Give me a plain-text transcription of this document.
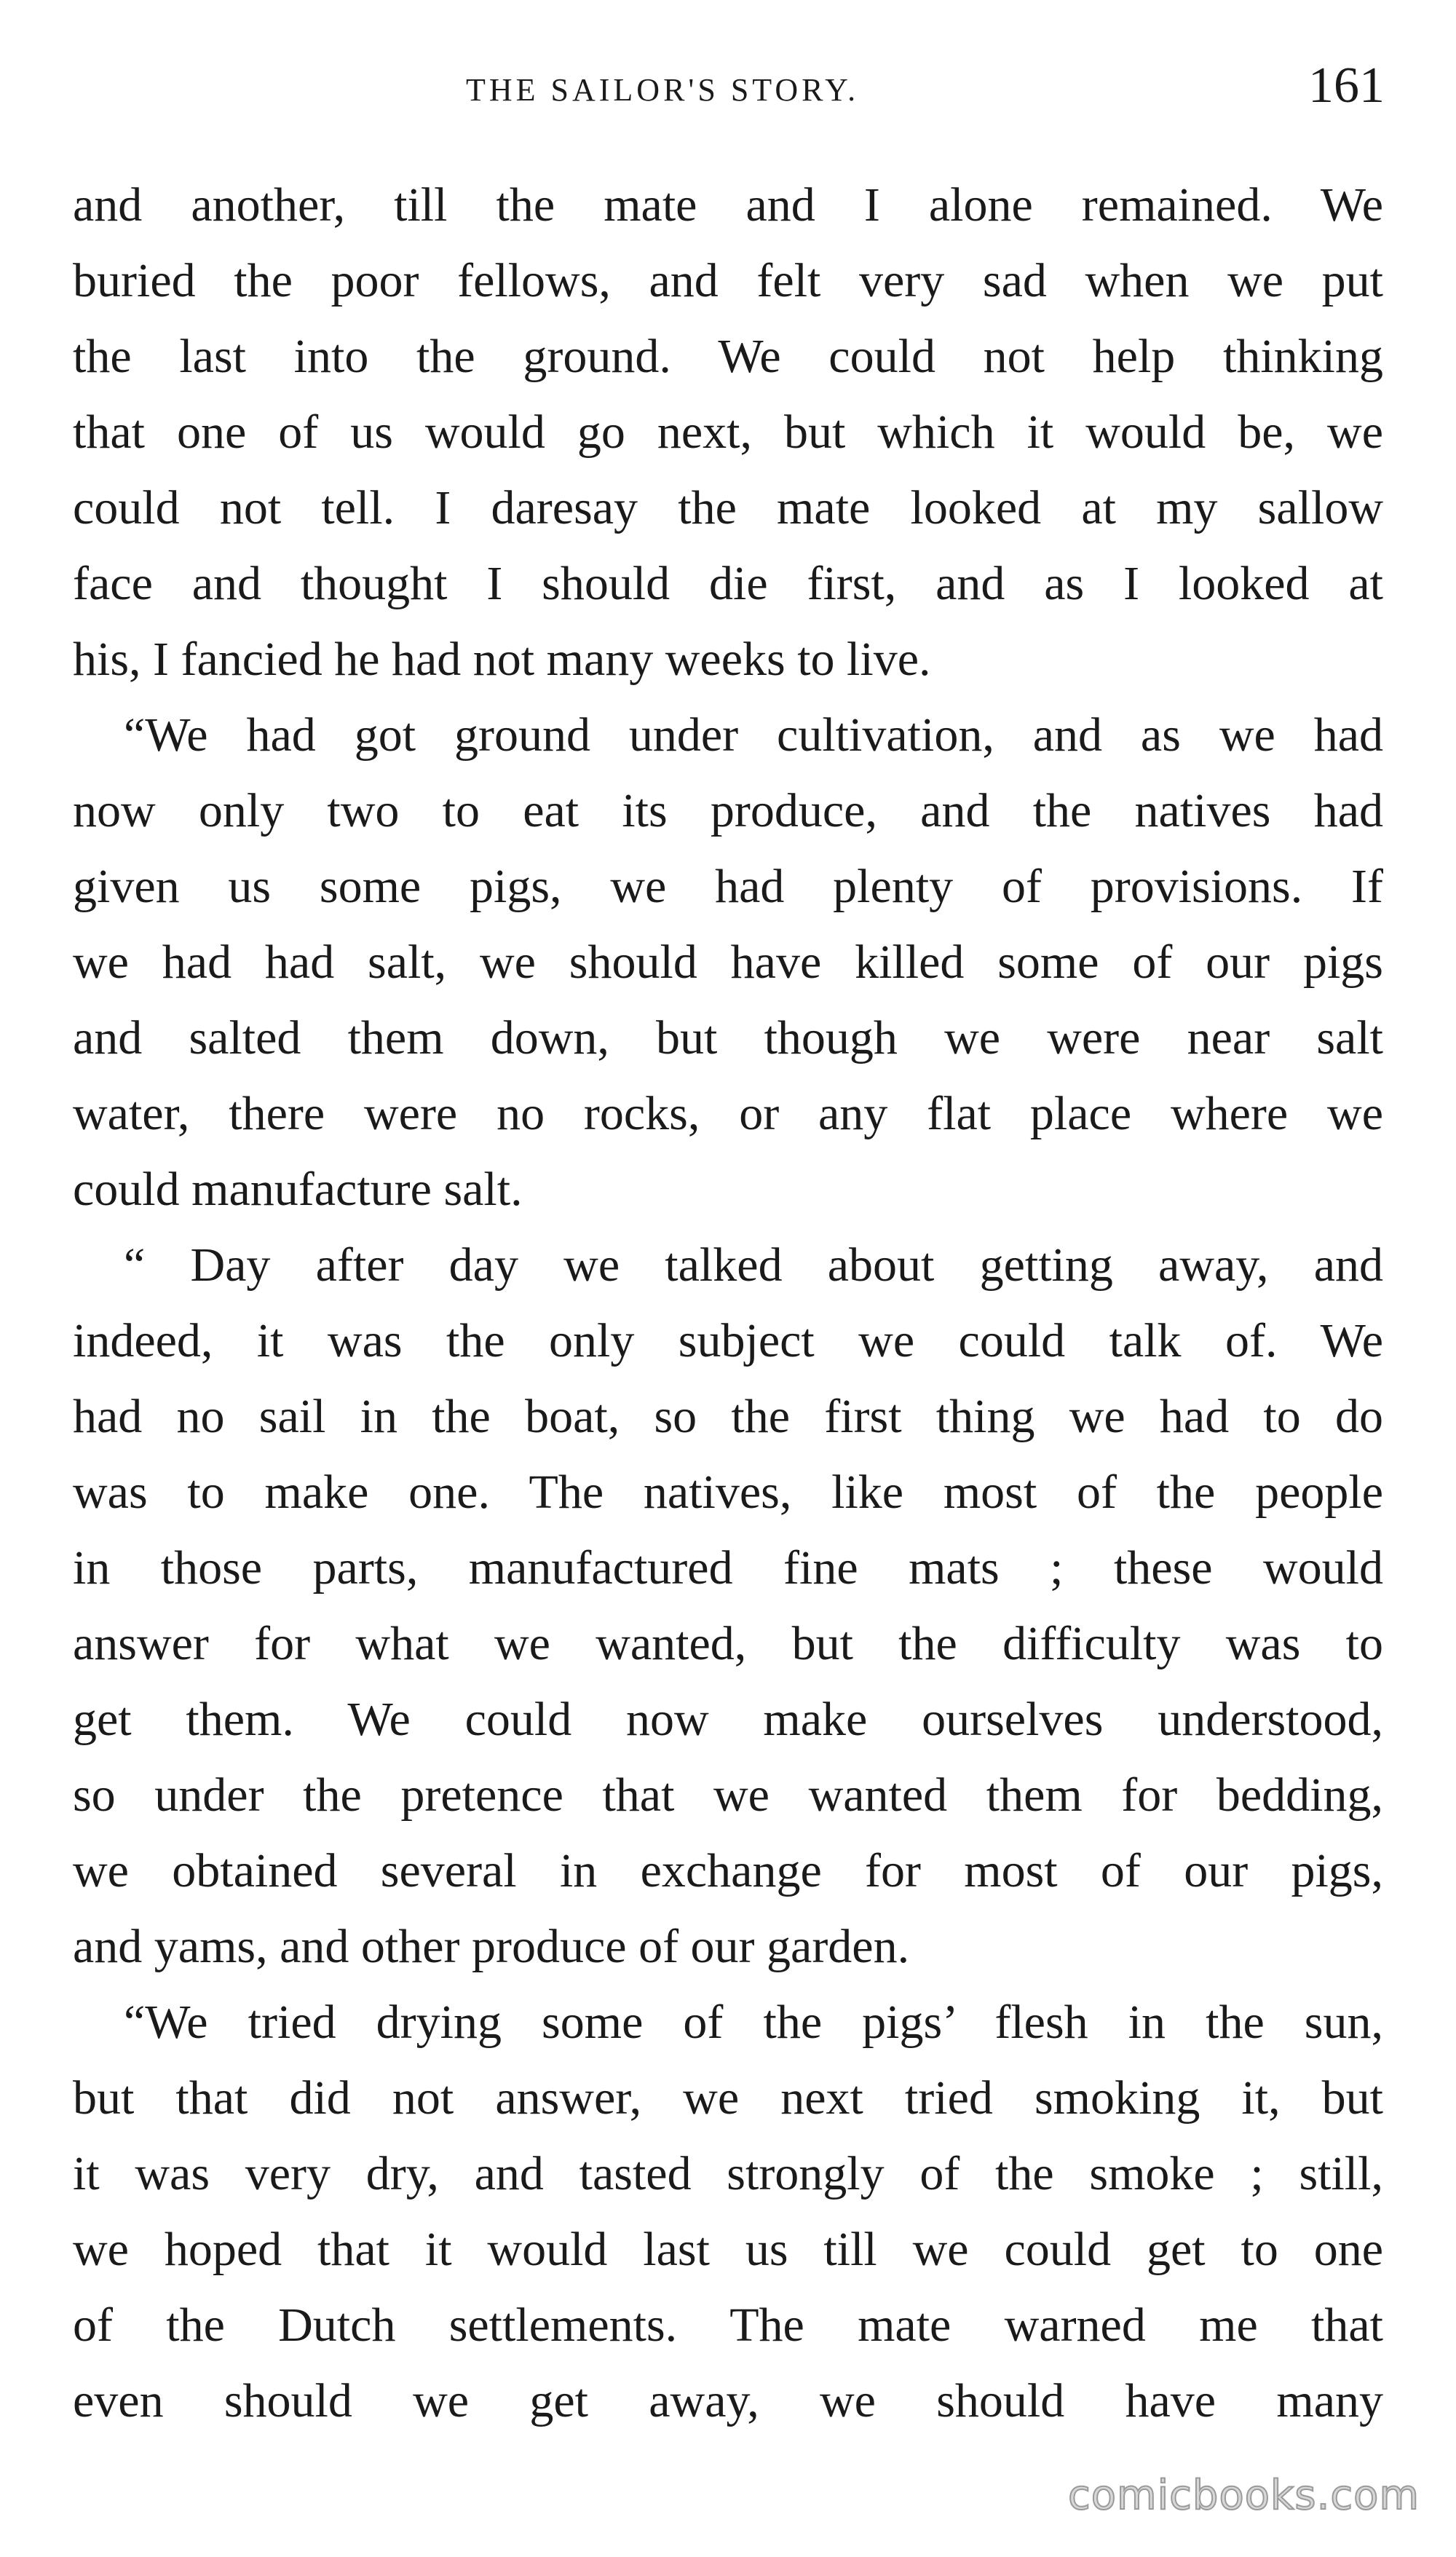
THE SAILOR'S STORY.	161
and another, till the mate and I alone remained. We
buried the poor fellows, and felt very sad when we put
the last into the ground. We could not help thinking
that one of us would go next, but which it would be, we
could not tell. I daresay the mate looked at my sallow
face and thought I should die first, and as I looked at
his, I fancied he had not many weeks to live.
“We had got ground under cultivation, and as we had
now only two to eat its produce, and the natives had
given us some pigs, we had plenty of provisions. If
we had had salt, we should have killed some of our pigs
and salted them down, but though we were near salt
water, there were no rocks, or any flat place where we
could manufacture salt.
“ Day after day we talked about getting away, and
indeed, it was the only subject we could talk of. We
had no sail in the boat, so the first thing we had to do
was to make one. The natives, like most of the people
in those parts, manufactured fine mats ; these would
answer for what we wanted, but the difficulty was to
get them. We could now make ourselves understood,
so under the pretence that we wanted them for bedding,
we obtained several in exchange for most of our pigs,
and yams, and other produce of our garden.
“We tried drying some of the pigs’ flesh in the sun,
but that did not answer, we next tried smoking it, but
it was very dry, and tasted strongly of the smoke ; still,
we hoped that it would last us till we could get to one
of the Dutch settlements. The mate warned me that
even should we get away, we should have many
comicbooks.com
